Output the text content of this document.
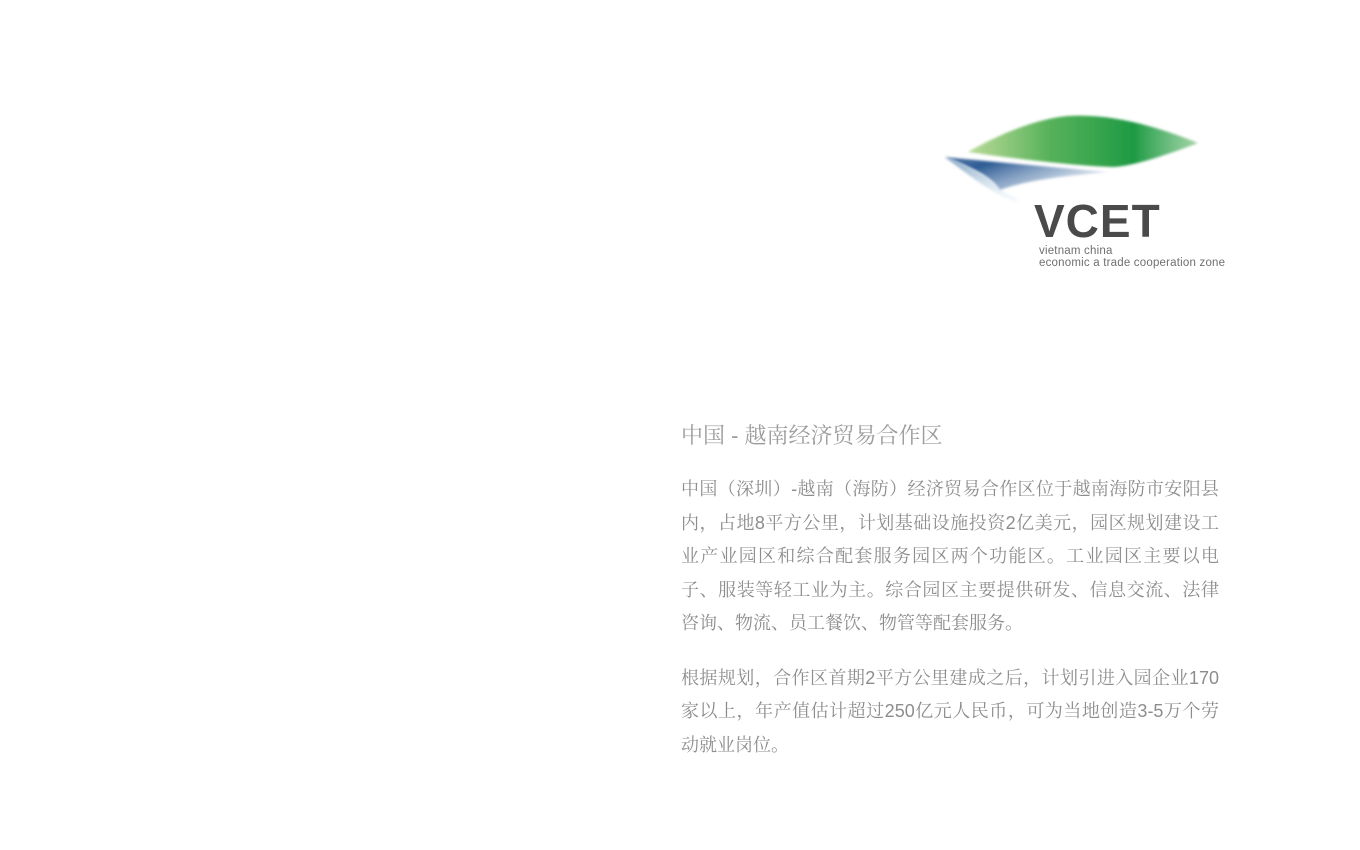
VCET
vietnam china
economic a trade cooperation zone
中国 - 越南经济贸易合作区

中国（深圳）-越南（海防）经济贸易合作区位于越南海防市安阳县内，占地8平方公里，计划基础设施投资2亿美元，园区规划建设工业产业园区和综合配套服务园区两个功能区。工业园区主要以电子、服装等轻工业为主。综合园区主要提供研发、信息交流、法律咨询、物流、员工餐饮、物管等配套服务。

根据规划，合作区首期2平方公里建成之后，计划引进入园企业170家以上，年产值估计超过250亿元人民币，可为当地创造3-5万个劳动就业岗位。
